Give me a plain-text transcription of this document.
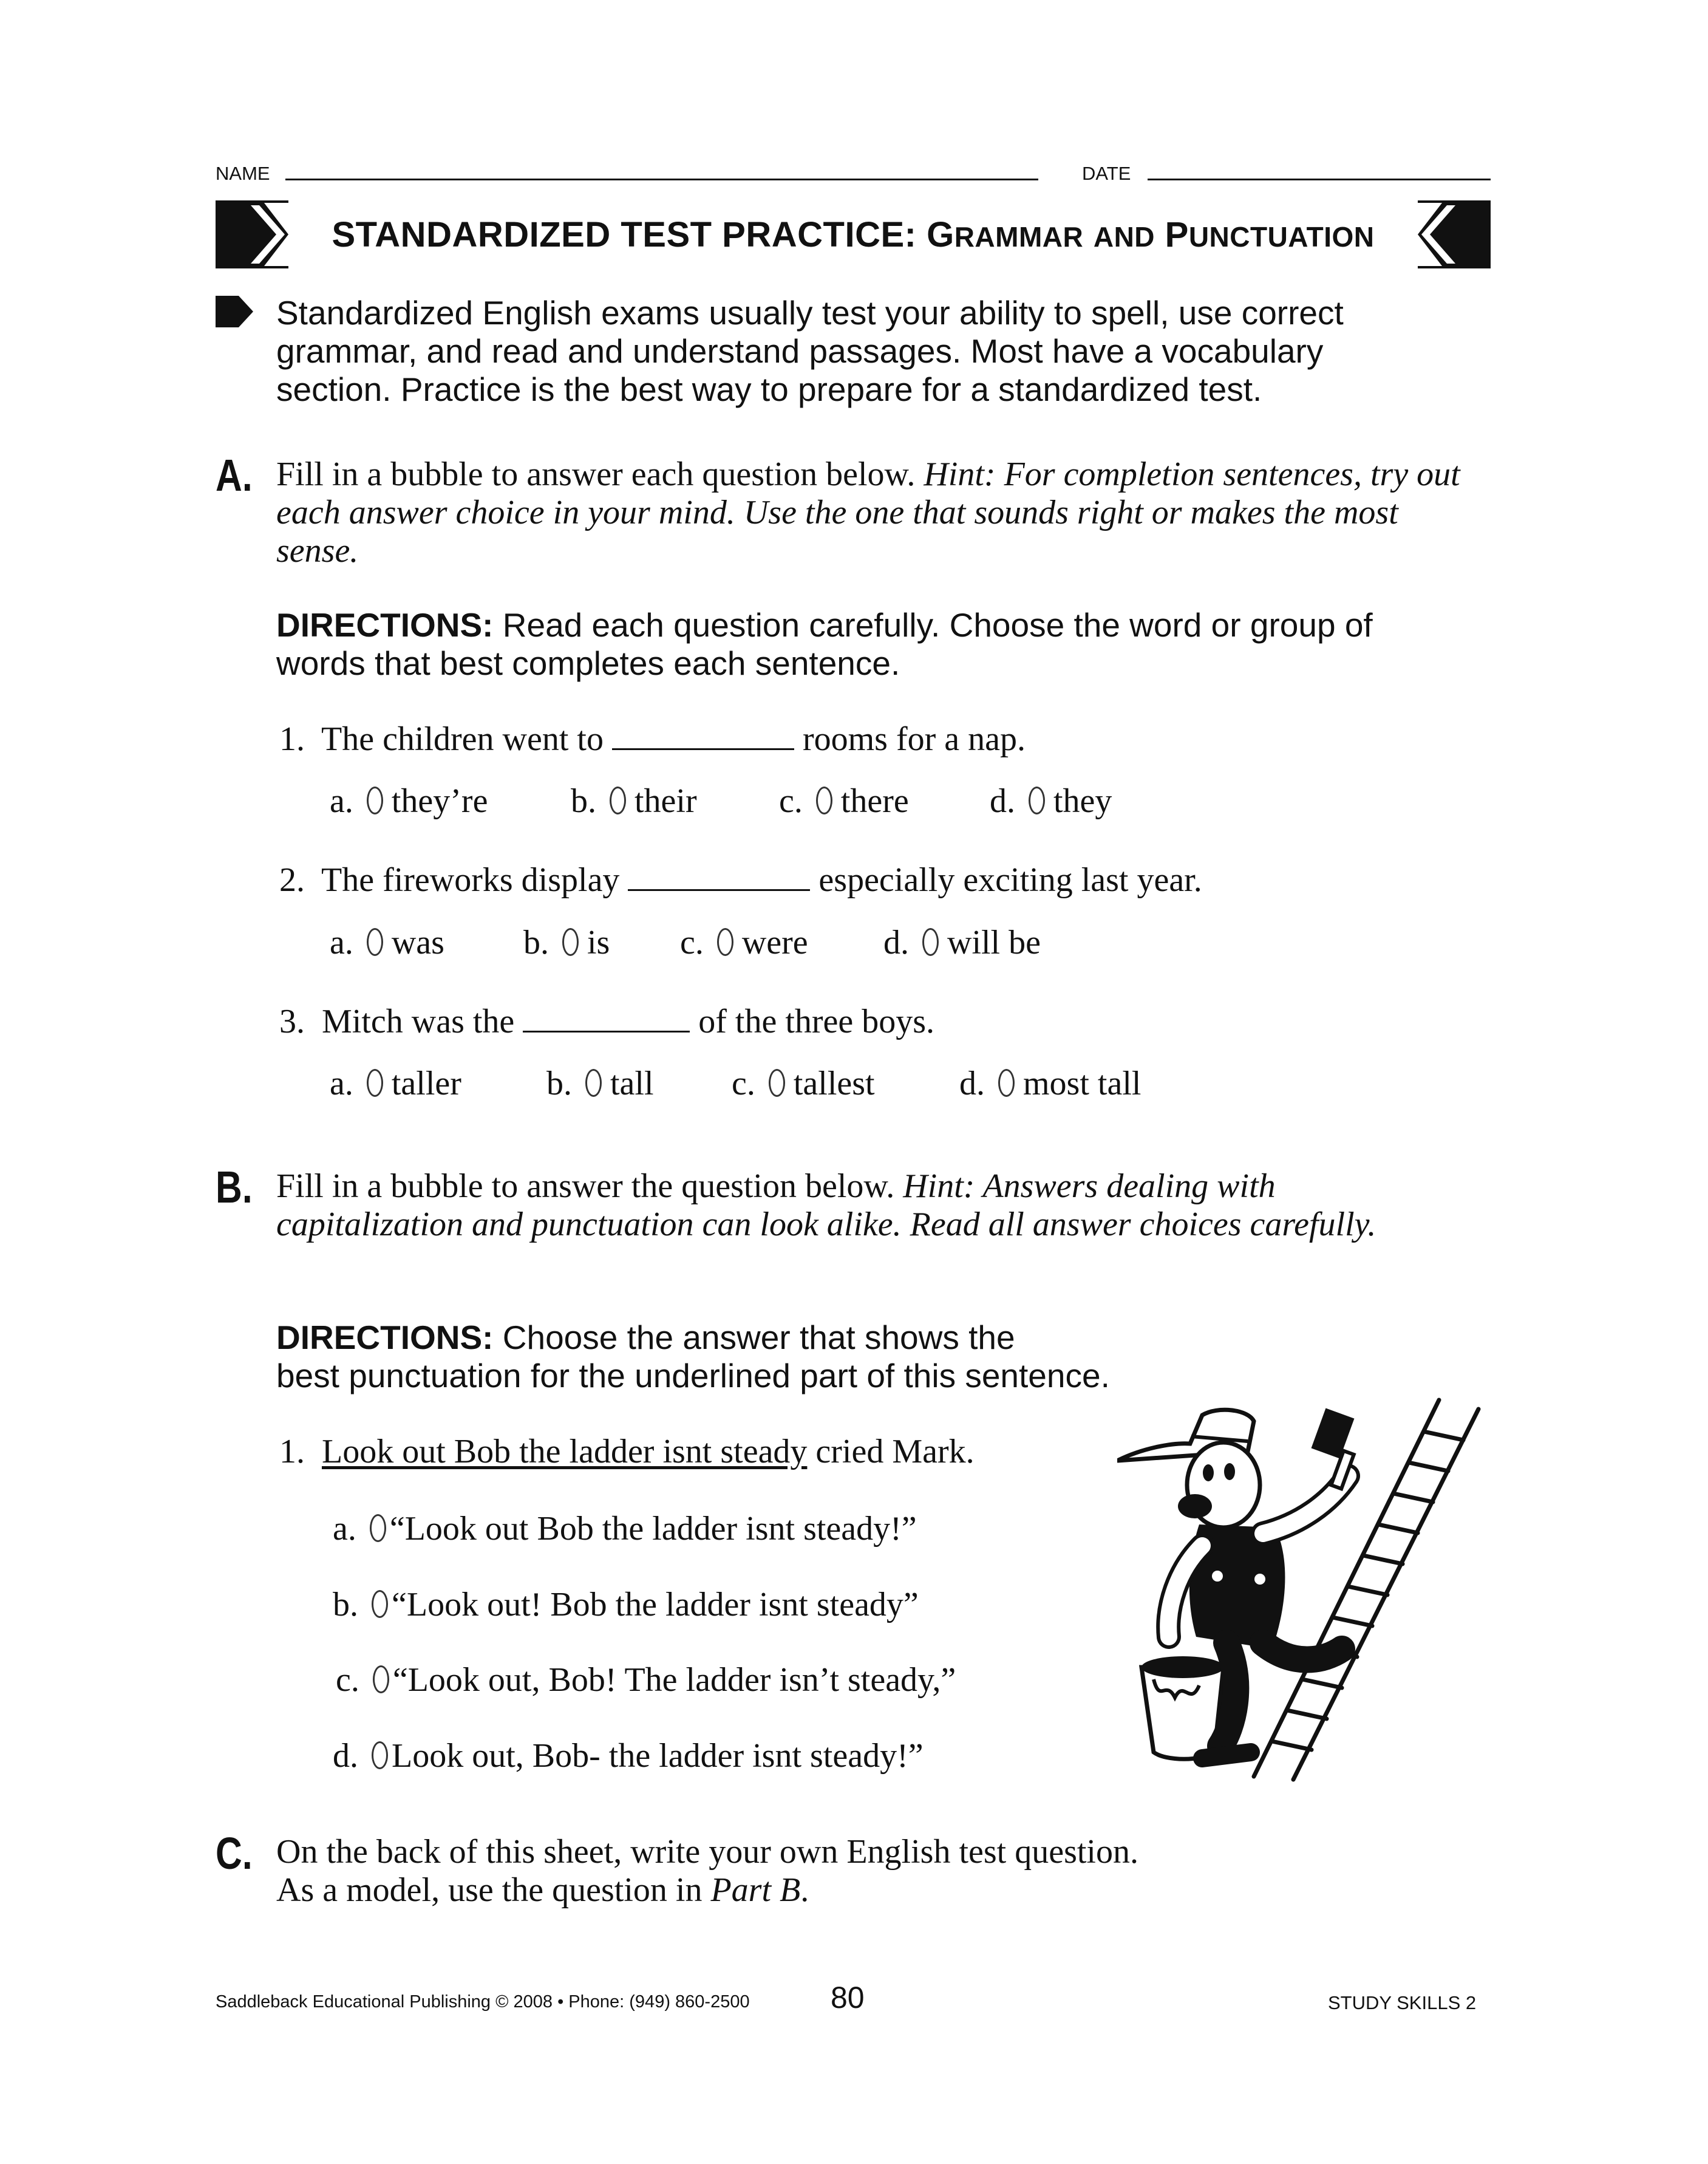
NAME	DATE
STANDARDIZED TEST PRACTICE: GRAMMAR AND PUNCTUATION
Standardized English exams usually test your ability to spell, use correct grammar, and read and understand passages. Most have a vocabulary section. Practice is the best way to prepare for a standardized test.
A. Fill in a bubble to answer each question below. Hint: For completion sentences, try out each answer choice in your mind. Use the one that sounds right or makes the most sense.
DIRECTIONS: Read each question carefully. Choose the word or group of words that best completes each sentence.
1. The children went to	rooms for a nap.
a. they’re b. their c. there d. they
2. The fireworks display	especially exciting last year.
a. was b. is c. were d. will be
3. Mitch was the	of the three boys.
a. taller	b. tall c. tallest d. most tall
B. Fill in a bubble to answer the question below. Hint: Answers dealing with capitalization and punctuation can look alike. Read all answer choices carefully.
DIRECTIONS: Choose the answer that shows the
best punctuation for the underlined part of this sentence.
1. Look out Bob the ladder isnt steady cried Mark.
a. “Look out Bob the ladder isnt steady!”
b. “Look out! Bob the ladder isnt steady”
c. “Look out, Bob! The ladder isn’t steady,”
d. Look out, Bob- the ladder isnt steady!”
C. On the back of this sheet, write your own English test question.
As a model, use the question in Part B.
Saddleback Educational Publishing © 2008 • Phone: (949) 860-2500	80	STUDY SKILLS 2
